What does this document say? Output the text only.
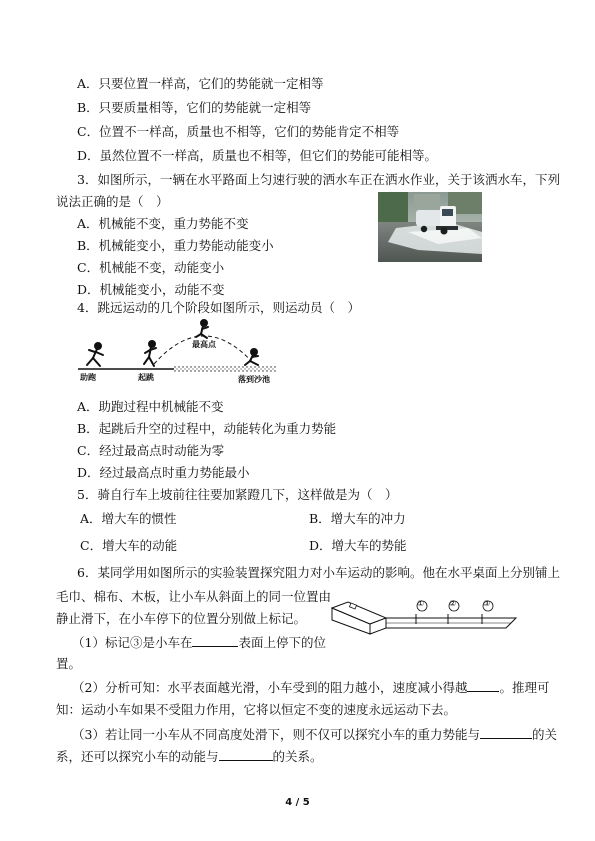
A．只要位置一样高，它们的势能就一定相等
B．只要质量相等，它们的势能就一定相等
C．位置不一样高，质量也不相等，它们的势能肯定不相等
D．虽然位置不一样高，质量也不相等，但它们的势能可能相等。
3．如图所示，一辆在水平路面上匀速行驶的洒水车正在洒水作业，关于该洒水车，下列
说法正确的是（　）
A．机械能不变，重力势能不变
B．机械能变小，重力势能动能变小
C．机械能不变，动能变小
D．机械能变小，动能不变
4．跳远运动的几个阶段如图所示，则运动员（　）
助跑	起跳
最高点
落到沙池
A．助跑过程中机械能不变
B．起跳后升空的过程中，动能转化为重力势能
C．经过最高点时动能为零
D．经过最高点时重力势能最小
5．骑自行车上坡前往往要加紧蹬几下，这样做是为（　）
A．增大车的惯性	B．增大车的冲力
C．增大车的动能	D．增大车的势能
6．某同学用如图所示的实验装置探究阻力对小车运动的影响。他在水平桌面上分别铺上
毛巾、棉布、木板，让小车从斜面上的同一位置由
静止滑下，在小车停下的位置分别做上标记。
①	②	③
（1）标记③是小车在	表面上停下的位
置。
（2）分析可知：水平表面越光滑，小车受到的阻力越小，速度减小得越	。推理可
知：运动小车如果不受阻力作用，它将以恒定不变的速度永远运动下去。
（3）若让同一小车从不同高度处滑下，则不仅可以探究小车的重力势能与	的关
系，还可以探究小车的动能与	的关系。
4 / 5
